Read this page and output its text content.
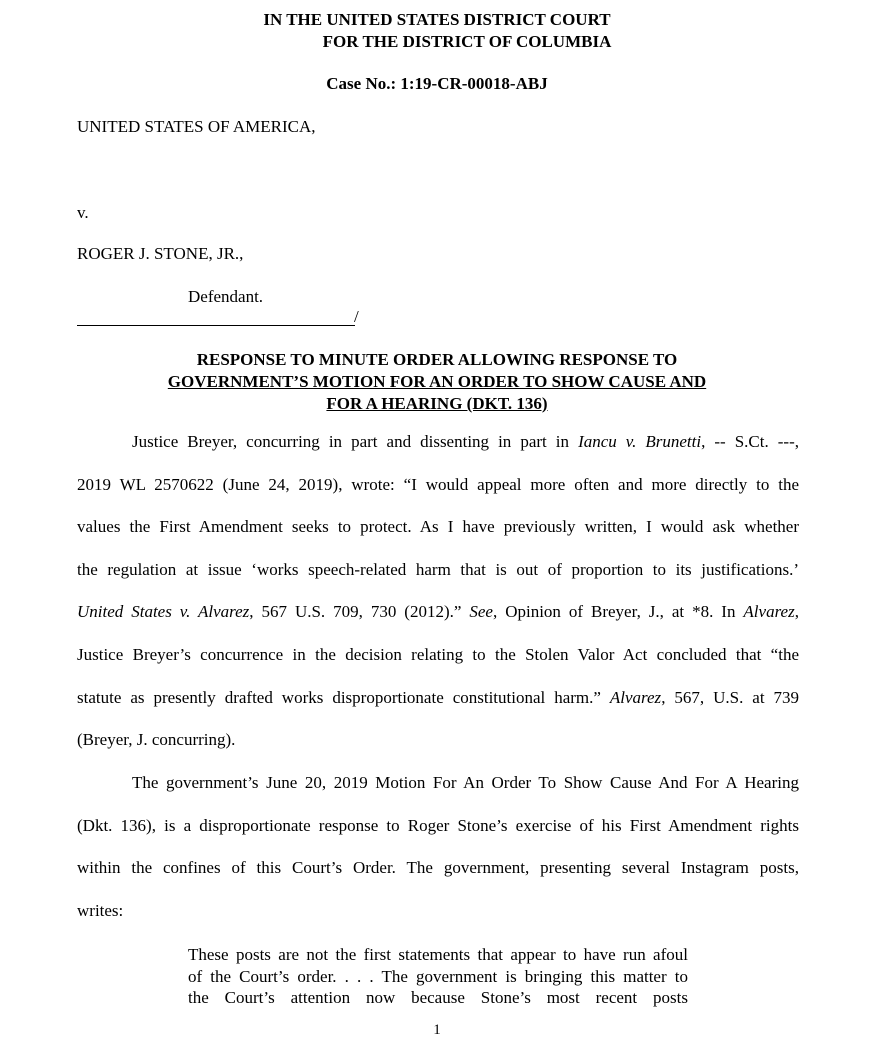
IN THE UNITED STATES DISTRICT COURT
FOR THE DISTRICT OF COLUMBIA
Case No.: 1:19-CR-00018-ABJ
UNITED STATES OF AMERICA,
v.
ROGER J. STONE, JR.,
Defendant.
/
RESPONSE TO MINUTE ORDER ALLOWING RESPONSE TO
GOVERNMENT’S MOTION FOR AN ORDER TO SHOW CAUSE AND
FOR A HEARING (DKT. 136)
Justice Breyer, concurring in part and dissenting in part in Iancu v. Brunetti, -- S.Ct. ---,
2019 WL 2570622 (June 24, 2019), wrote: “I would appeal more often and more directly to the
values the First Amendment seeks to protect. As I have previously written, I would ask whether
the regulation at issue ‘works speech-related harm that is out of proportion to its justifications.’
United States v. Alvarez, 567 U.S. 709, 730 (2012).” See, Opinion of Breyer, J., at *8. In Alvarez,
Justice Breyer’s concurrence in the decision relating to the Stolen Valor Act concluded that “the
statute as presently drafted works disproportionate constitutional harm.” Alvarez, 567, U.S. at 739
(Breyer, J. concurring).
The government’s June 20, 2019 Motion For An Order To Show Cause And For A Hearing
(Dkt. 136), is a disproportionate response to Roger Stone’s exercise of his First Amendment rights
within the confines of this Court’s Order. The government, presenting several Instagram posts,
writes:
These posts are not the first statements that appear to have run afoul
of the Court’s order. . . . The government is bringing this matter to
the Court’s attention now because Stone’s most recent posts
1
